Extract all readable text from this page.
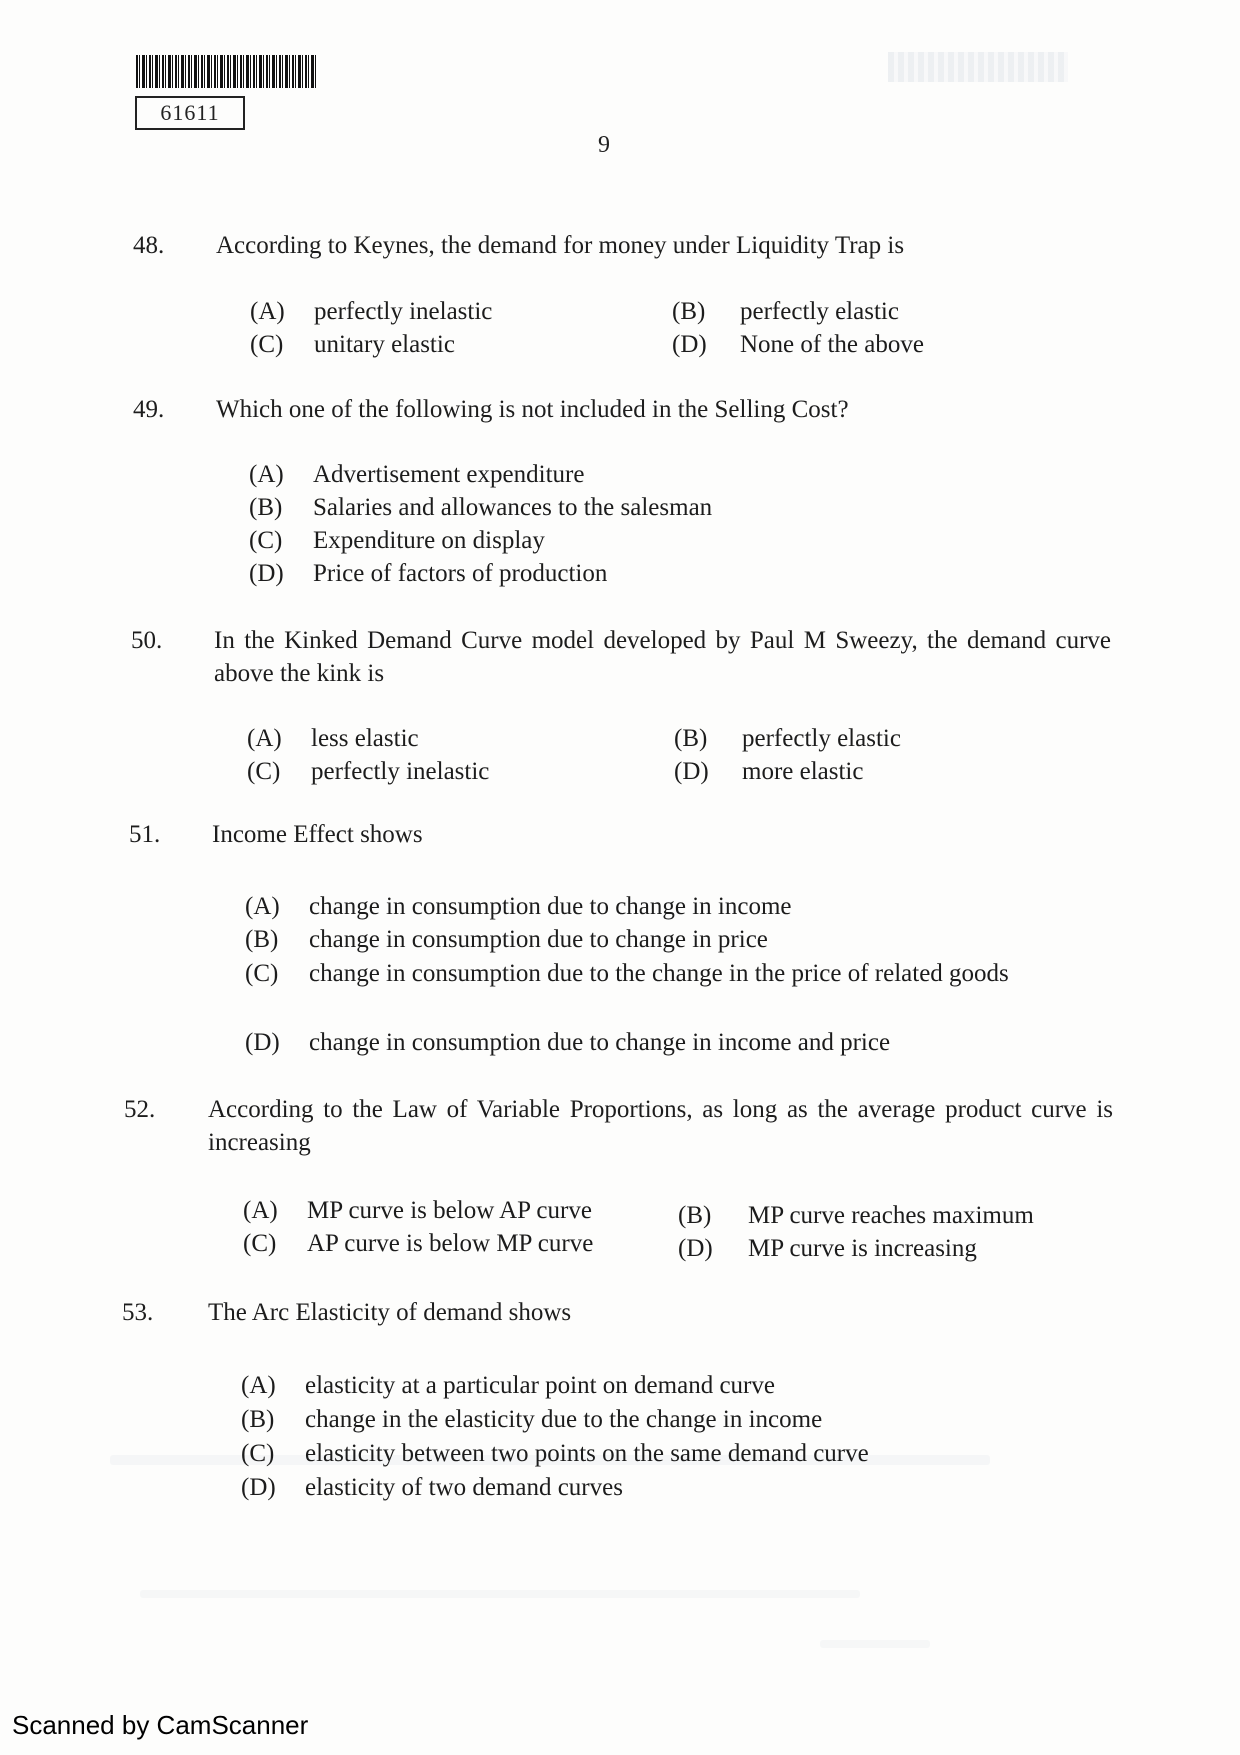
61611
9
48.	According to Keynes, the demand for money under Liquidity Trap is
(A) perfectly inelastic	(B) perfectly elastic
(C) unitary elastic	(D) None of the above
49.	Which one of the following is not included in the Selling Cost?
(A) Advertisement expenditure
(B) Salaries and allowances to the salesman
(C) Expenditure on display
(D) Price of factors of production
50.	In the Kinked Demand Curve model developed by Paul M Sweezy, the demand curve above the kink is
(A) less elastic	(B) perfectly elastic
(C) perfectly inelastic	(D) more elastic
51.	Income Effect shows
(A) change in consumption due to change in income
(B) change in consumption due to change in price
(C) change in consumption due to the change in the price of related goods
(D) change in consumption due to change in income and price
52.	According to the Law of Variable Proportions, as long as the average product curve is increasing
(A) MP curve is below AP curve	(B) MP curve reaches maximum
(C) AP curve is below MP curve	(D) MP curve is increasing
53.	The Arc Elasticity of demand shows
(A) elasticity at a particular point on demand curve
(B) change in the elasticity due to the change in income
(C) elasticity between two points on the same demand curve
(D) elasticity of two demand curves
Scanned by CamScanner
